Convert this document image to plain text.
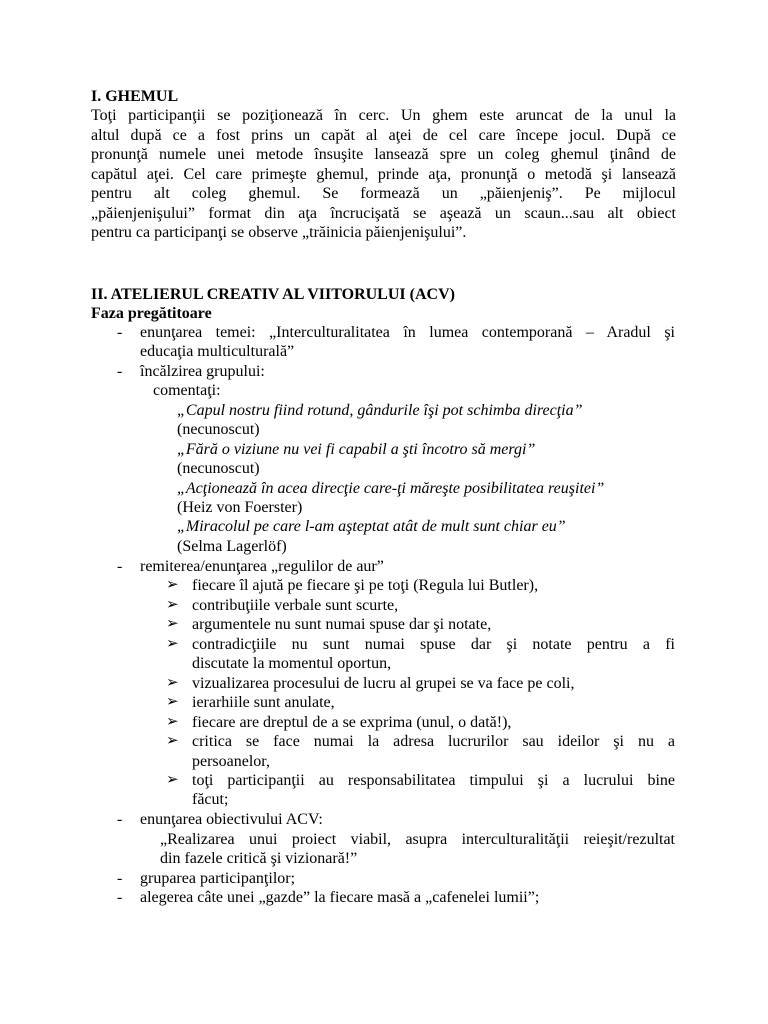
I. GHEMUL
Toţi participanţii se poziţionează în cerc. Un ghem este aruncat de la unul la
altul după ce a fost prins un capăt al aţei de cel care începe jocul. După ce
pronunţă numele unei metode însuşite lansează spre un coleg ghemul ţinând de
capătul aţei. Cel care primeşte ghemul, prinde aţa, pronunţă o metodă şi lansează
pentru alt coleg ghemul. Se formează un „păienjeniş”. Pe mijlocul
„păienjenişului” format din aţa încrucişată se aşează un scaun...sau alt obiect
pentru ca participanţi se observe „trăinicia păienjenişului”.
II. ATELIERUL CREATIV AL VIITORULUI (ACV)
Faza pregătitoare
- enunţarea temei: „Interculturalitatea în lumea contemporană – Aradul şi
educaţia multiculturală”
- încălzirea grupului:
comentaţi:
„Capul nostru fiind rotund, gândurile îşi pot schimba direcţia”
(necunoscut)
„Fără o viziune nu vei fi capabil a şti încotro să mergi”
(necunoscut)
„Acţionează în acea direcţie care-ţi măreşte posibilitatea reuşitei”
(Heiz von Foerster)
„Miracolul pe care l-am aşteptat atât de mult sunt chiar eu”
(Selma Lagerlöf)
- remiterea/enunţarea „regulilor de aur”
➢ fiecare îl ajută pe fiecare şi pe toţi (Regula lui Butler),
➢ contribuţiile verbale sunt scurte,
➢ argumentele nu sunt numai spuse dar şi notate,
➢ contradicţiile nu sunt numai spuse dar şi notate pentru a fi
discutate la momentul oportun,
➢ vizualizarea procesului de lucru al grupei se va face pe coli,
➢ ierarhiile sunt anulate,
➢ fiecare are dreptul de a se exprima (unul, o dată!),
➢ critica se face numai la adresa lucrurilor sau ideilor şi nu a
persoanelor,
➢ toţi participanţii au responsabilitatea timpului şi a lucrului bine
făcut;
- enunţarea obiectivului ACV:
„Realizarea unui proiect viabil, asupra interculturalităţii reieşit/rezultat
din fazele critică şi vizionară!”
- gruparea participanţilor;
- alegerea câte unei „gazde” la fiecare masă a „cafenelei lumii”;
